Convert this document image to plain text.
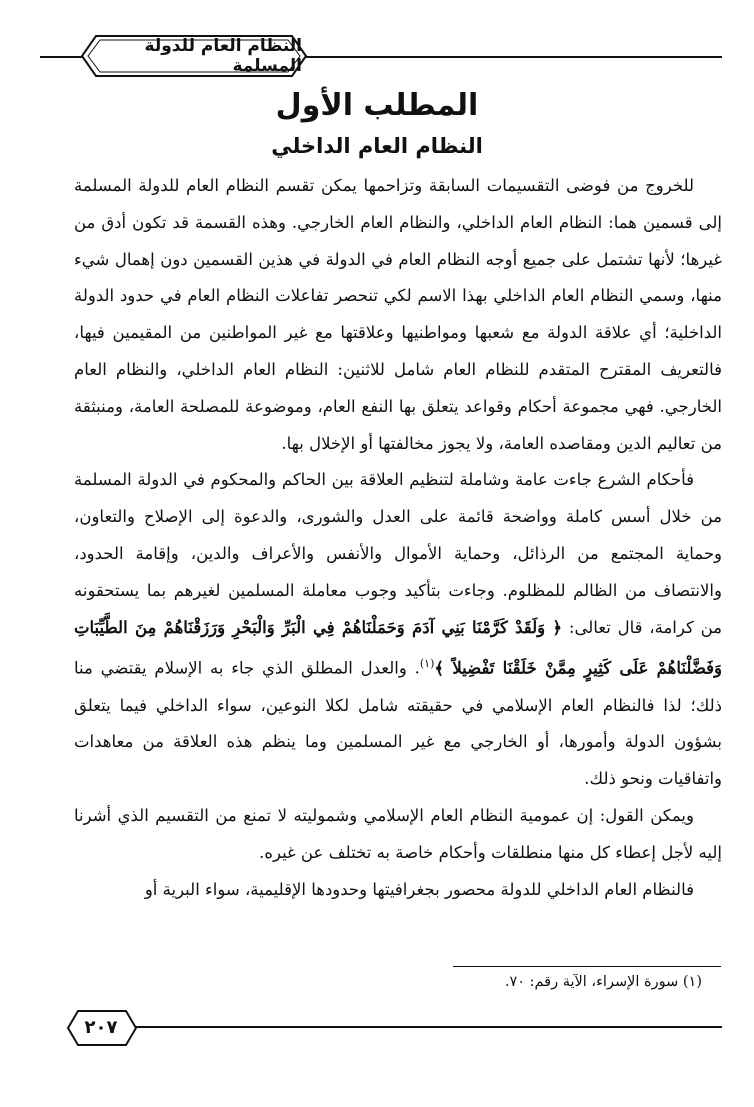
النظام العام للدولة المسلمة
المطلب الأول
النظام العام الداخلي

للخروج من فوضى التقسيمات السابقة وتزاحمها يمكن تقسم النظام العام للدولة المسلمة إلى قسمين هما: النظام العام الداخلي، والنظام العام الخارجي. وهذه القسمة قد تكون أدق من غيرها؛ لأنها تشتمل على جميع أوجه النظام العام في الدولة في هذين القسمين دون إهمال شيء منها، وسمي النظام العام الداخلي بهذا الاسم لكي تنحصر تفاعلات النظام العام في حدود الدولة الداخلية؛ أي علاقة الدولة مع شعبها ومواطنيها وعلاقتها مع غير المواطنين من المقيمين فيها، فالتعريف المقترح المتقدم للنظام العام شامل للاثنين: النظام العام الداخلي، والنظام العام الخارجي. فهي مجموعة أحكام وقواعد يتعلق بها النفع العام، وموضوعة للمصلحة العامة، ومنبثقة من تعاليم الدين ومقاصده العامة، ولا يجوز مخالفتها أو الإخلال بها.

فأحكام الشرع جاءت عامة وشاملة لتنظيم العلاقة بين الحاكم والمحكوم في الدولة المسلمة من خلال أسس كاملة وواضحة قائمة على العدل والشورى، والدعوة إلى الإصلاح والتعاون، وحماية المجتمع من الرذائل، وحماية الأموال والأنفس والأعراف والدين، وإقامة الحدود، والانتصاف من الظالم للمظلوم. وجاءت بتأكيد وجوب معاملة المسلمين لغيرهم بما يستحقونه من كرامة، قال تعالى: ﴿ وَلَقَدْ كَرَّمْنَا بَنِي آدَمَ وَحَمَلْنَاهُمْ فِي الْبَرِّ وَالْبَحْرِ وَرَزَقْنَاهُمْ مِنَ الطَّيِّبَاتِ وَفَضَّلْنَاهُمْ عَلَى كَثِيرٍ مِمَّنْ خَلَقْنَا تَفْضِيلاً ﴾$^{(١)}$. والعدل المطلق الذي جاء به الإسلام يقتضي منا ذلك؛ لذا فالنظام العام الإسلامي في حقيقته شامل لكلا النوعين، سواء الداخلي فيما يتعلق بشؤون الدولة وأمورها، أو الخارجي مع غير المسلمين وما ينظم هذه العلاقة من معاهدات واتفاقيات ونحو ذلك.

ويمكن القول: إن عمومية النظام العام الإسلامي وشموليته لا تمنع من التقسيم الذي أشرنا إليه لأجل إعطاء كل منها منطلقات وأحكام خاصة به تختلف عن غيره.

فالنظام العام الداخلي للدولة محصور بجغرافيتها وحدودها الإقليمية، سواء البرية أو

(١) سورة الإسراء، الآية رقم: ٧٠.
٢٠٧
